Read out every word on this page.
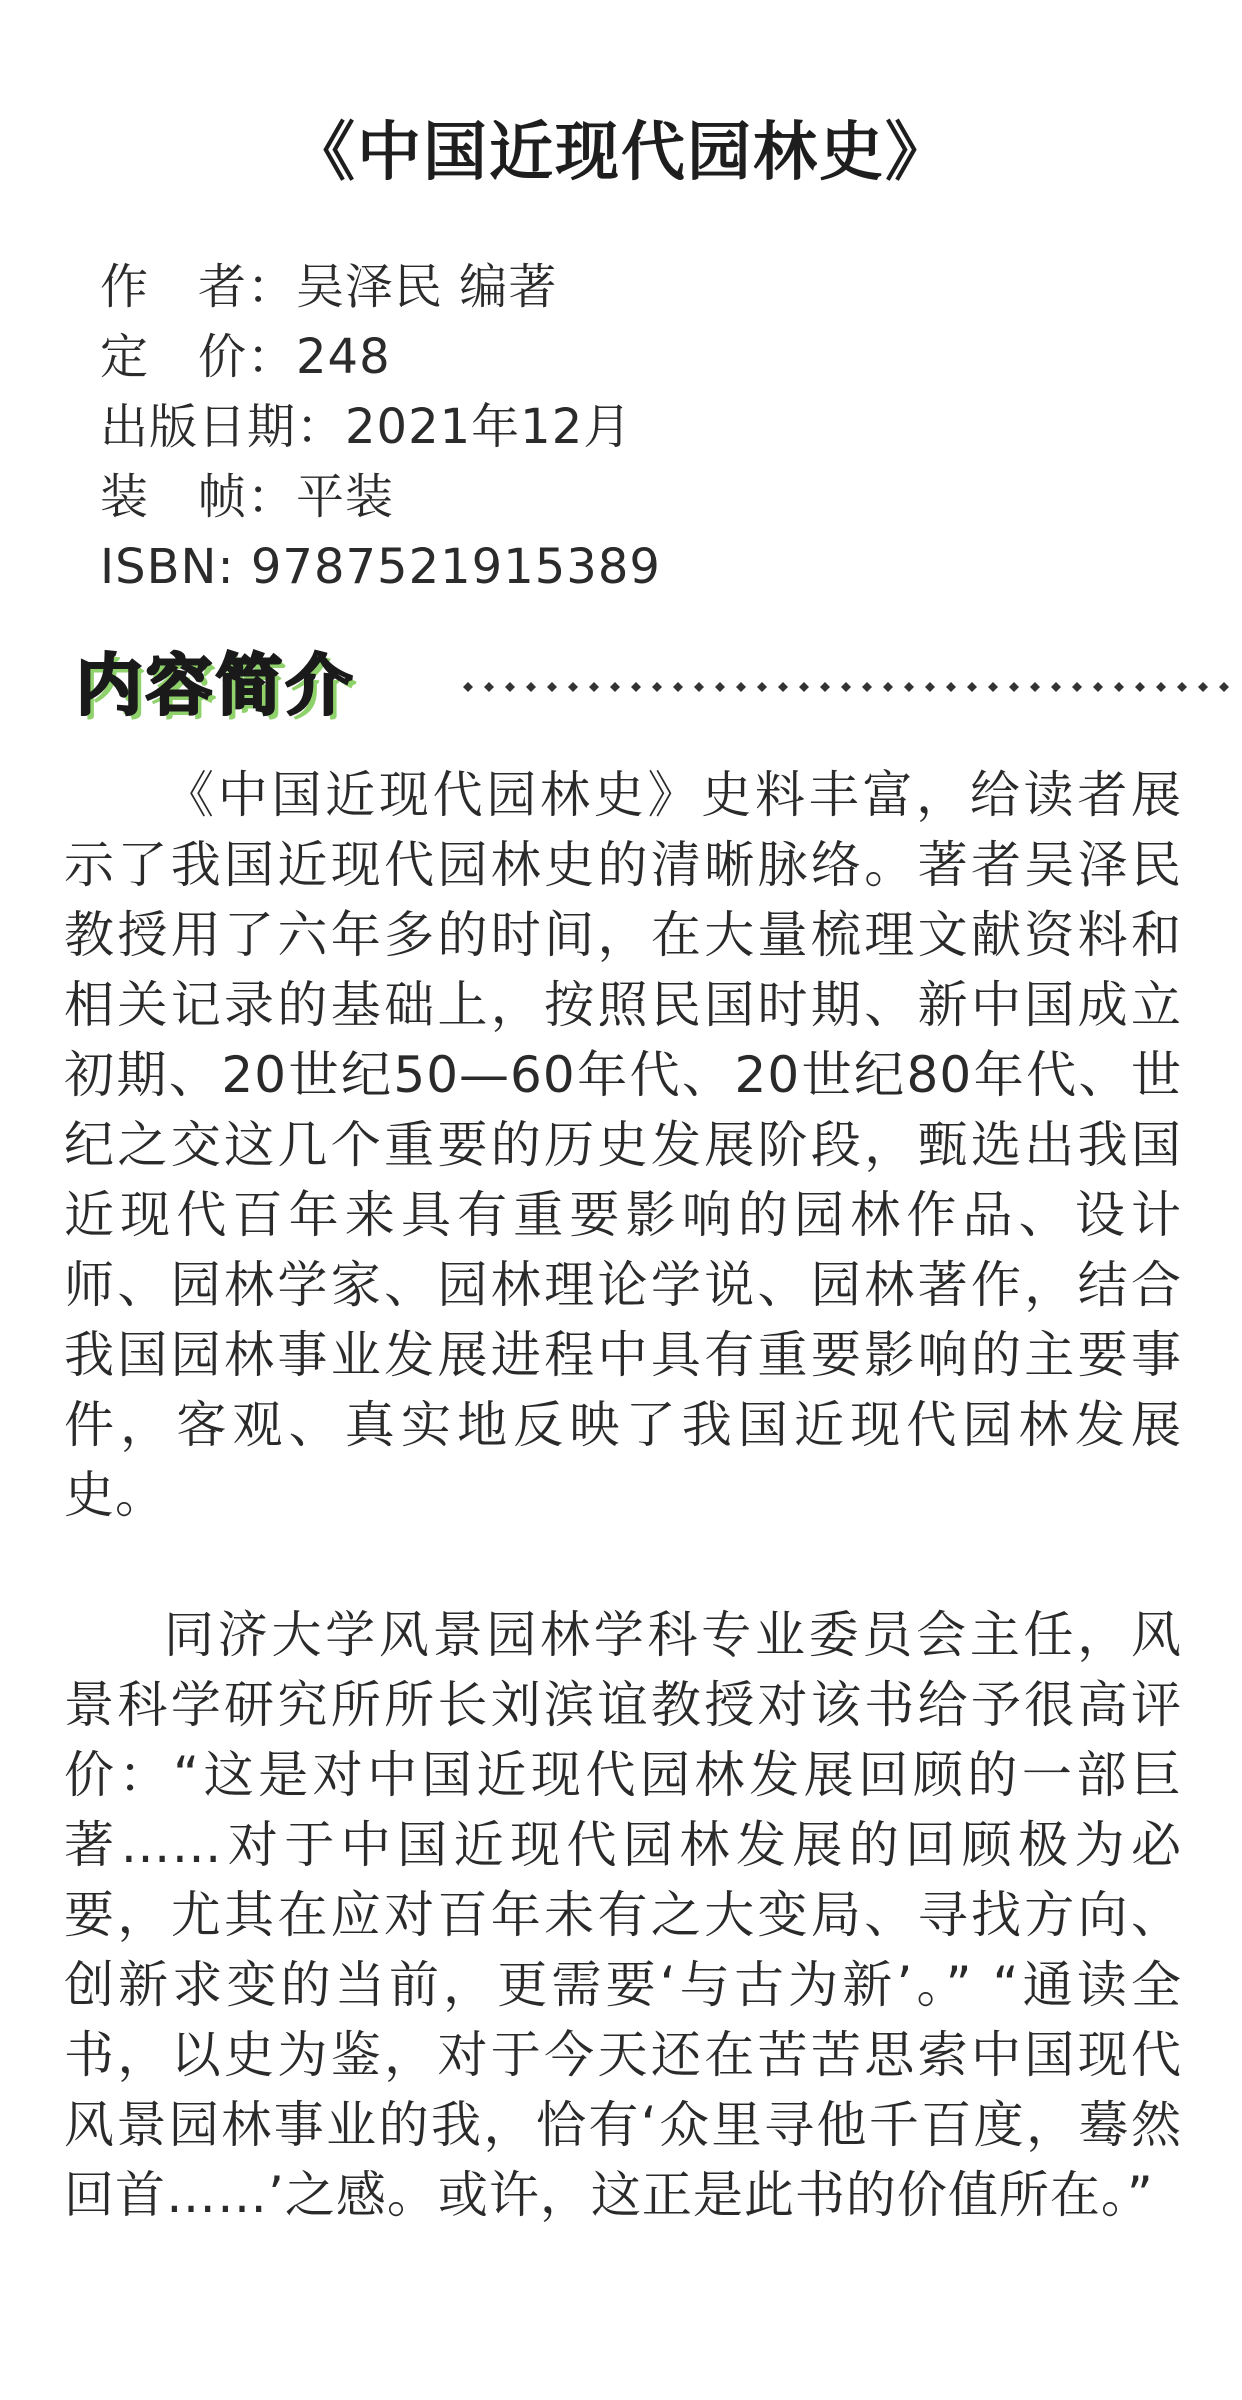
《中国近现代园林史》
作　者：吴泽民 编著
定　价：248
出版日期：2021年12月
装　帧：平装
ISBN: 9787521915389
内容简介

《中国近现代园林史》史料丰富，给读者展示了我国近现代园林史的清晰脉络。著者吴泽民教授用了六年多的时间，在大量梳理文献资料和相关记录的基础上，按照民国时期、新中国成立初期、20世纪50—60年代、20世纪80年代、世纪之交这几个重要的历史发展阶段，甄选出我国近现代百年来具有重要影响的园林作品、设计师、园林学家、园林理论学说、园林著作，结合我国园林事业发展进程中具有重要影响的主要事件，客观、真实地反映了我国近现代园林发展史。

同济大学风景园林学科专业委员会主任，风景科学研究所所长刘滨谊教授对该书给予很高评价：“这是对中国近现代园林发展回顾的一部巨著……对于中国近现代园林发展的回顾极为必要，尤其在应对百年未有之大变局、寻找方向、创新求变的当前，更需要‘与古为新’。” “通读全书，以史为鉴，对于今天还在苦苦思索中国现代风景园林事业的我，恰有‘众里寻他千百度，蓦然回首……’之感。或许，这正是此书的价值所在。”
